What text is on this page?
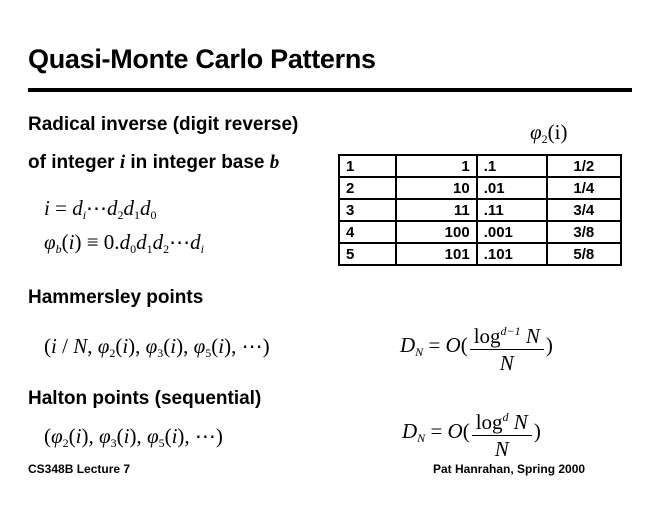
Quasi-Monte Carlo Patterns
Radical inverse (digit reverse)
of integer i in integer base b
$i = d_i\cdots d_2d_1d_0$
$\varphi_b(i)$ ≡ $0.d_0d_1d_2\cdots d_i$
$\varphi_2(i)$
1	1	.1	1/2
2	10	.01	1/4
3	11	.11	3/4
4	100	.001	3/8
5	101	.101	5/8
Hammersley points
(i / N, $\varphi_2(i)$, $\varphi_3(i)$, $\varphi_5(i)$, ⋯)	$D_N = O( \frac{\log^{d-1} N}{N}$ )
Halton points (sequential)
($\varphi_2(i)$, $\varphi_3(i)$, $\varphi_5(i)$, ⋯)	$D_N = O( \frac{\log^d N}{N}$ )
CS348B Lecture 7	Pat Hanrahan, Spring 2000
